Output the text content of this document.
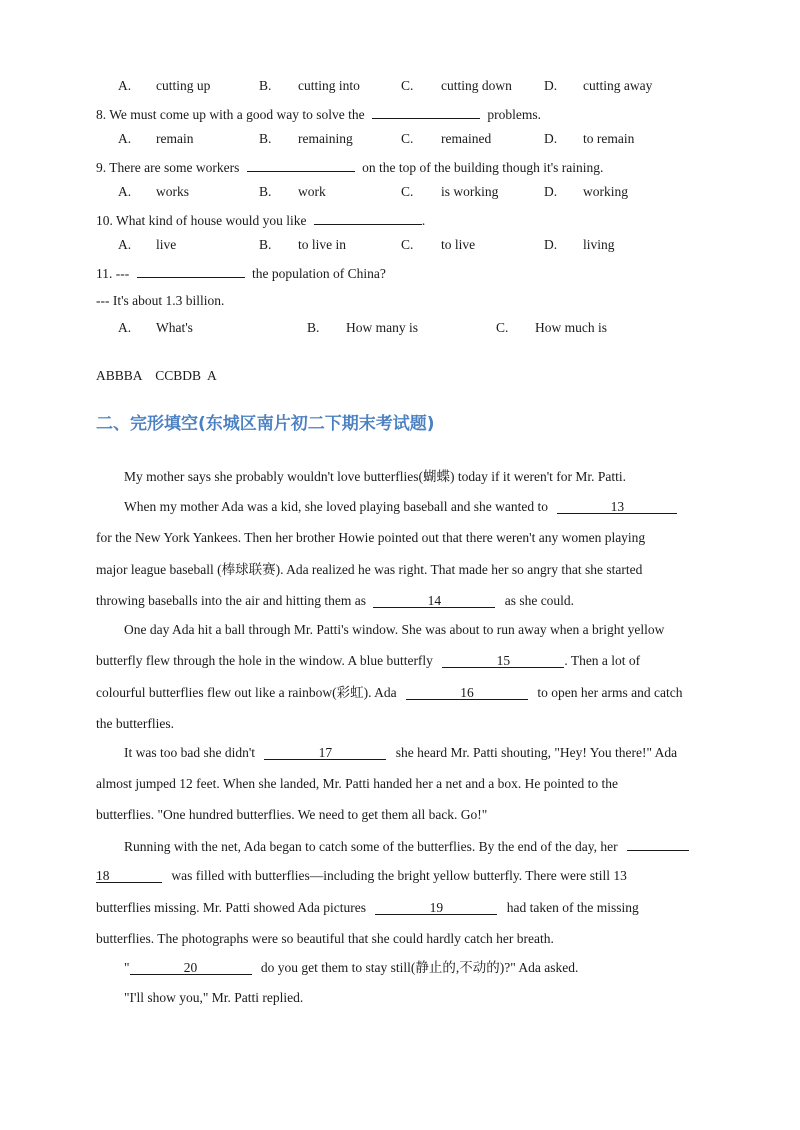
A. cutting up	B. cutting into	C. cutting down D. cutting away
8. We must come up with a good way to solve the	problems.
A. remain	B. remaining	C. remained	D. to remain
9. There are some workers	on the top of the building though it's raining.
A. works	B. work	C. is working	D. working
10. What kind of house would you like	.
A. live	B. to live in	C. to live	D. living
11. ---	the population of China?
--- It's about 1.3 billion.
A. What's	B. How many is	C. How much is
ABBBA    CCBDB  A
二、完形填空(东城区南片初二下期末考试题)
My mother says she probably wouldn't love butterflies(蝴蝶) today if it weren't for Mr. Patti.
When my mother Ada was a kid, she loved playing baseball and she wanted to	13
for the New York Yankees. Then her brother Howie pointed out that there weren't any women playing
major league baseball (棒球联赛). Ada realized he was right. That made her so angry that she started
throwing baseballs into the air and hitting them as	14	as she could.
One day Ada hit a ball through Mr. Patti's window. She was about to run away when a bright yellow
butterfly flew through the hole in the window. A blue butterfly	15	. Then a lot of
colourful butterflies flew out like a rainbow(彩虹). Ada	16	to open her arms and catch
the butterflies.
It was too bad she didn't	17	she heard Mr. Patti shouting, "Hey! You there!" Ada
almost jumped 12 feet. When she landed, Mr. Patti handed her a net and a box. He pointed to the
butterflies. "One hundred butterflies. We need to get them all back. Go!"
Running with the net, Ada began to catch some of the butterflies. By the end of the day, her
18	was filled with butterflies—including the bright yellow butterfly. There were still 13
butterflies missing. Mr. Patti showed Ada pictures	19	had taken of the missing
butterflies. The photographs were so beautiful that she could hardly catch her breath.
"	20	do you get them to stay still(静止的,不动的)?" Ada asked.
"I'll show you," Mr. Patti replied.
